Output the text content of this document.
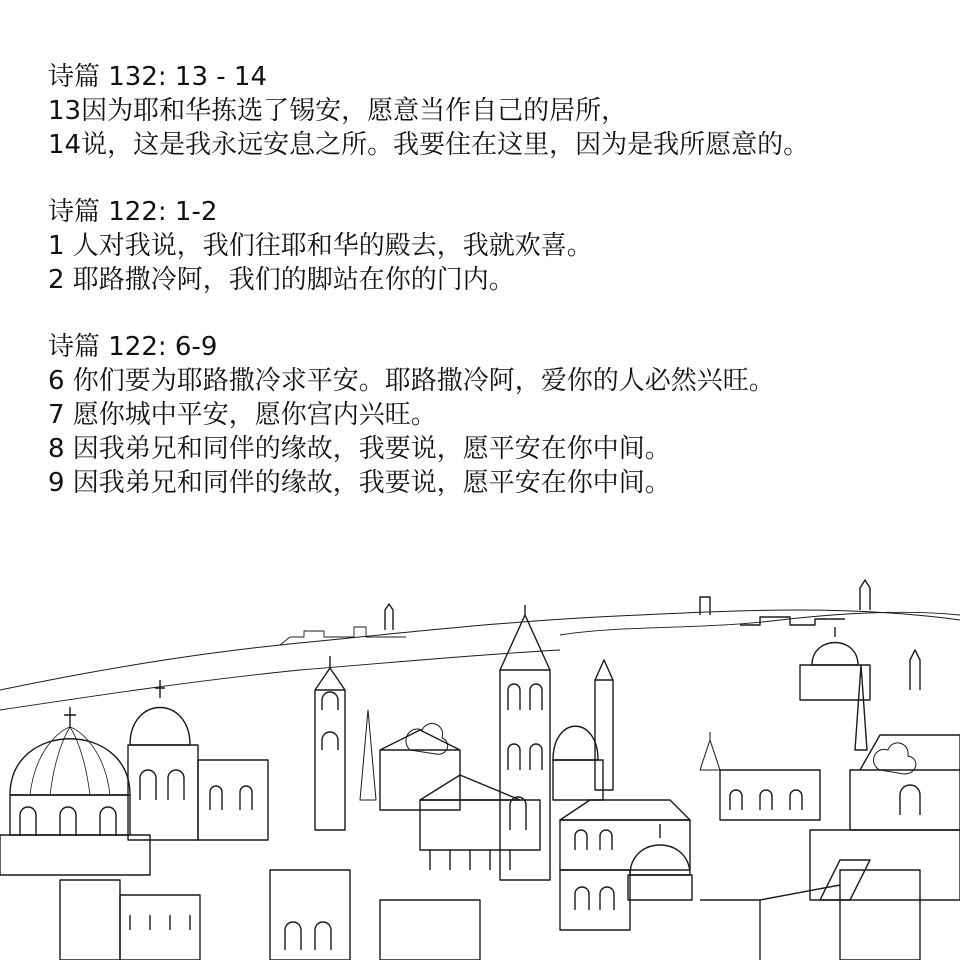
诗篇 132: 13 - 14
13因为耶和华拣选了锡安，愿意当作自己的居所，
14说，这是我永远安息之所。我要住在这里，因为是我所愿意的。
诗篇 122: 1-2
1 人对我说，我们往耶和华的殿去，我就欢喜。
2 耶路撒冷阿，我们的脚站在你的门内。
诗篇 122: 6-9
6 你们要为耶路撒冷求平安。耶路撒冷阿，爱你的人必然兴旺。
7 愿你城中平安，愿你宫内兴旺。
8 因我弟兄和同伴的缘故，我要说，愿平安在你中间。
9 因我弟兄和同伴的缘故，我要说，愿平安在你中间。
